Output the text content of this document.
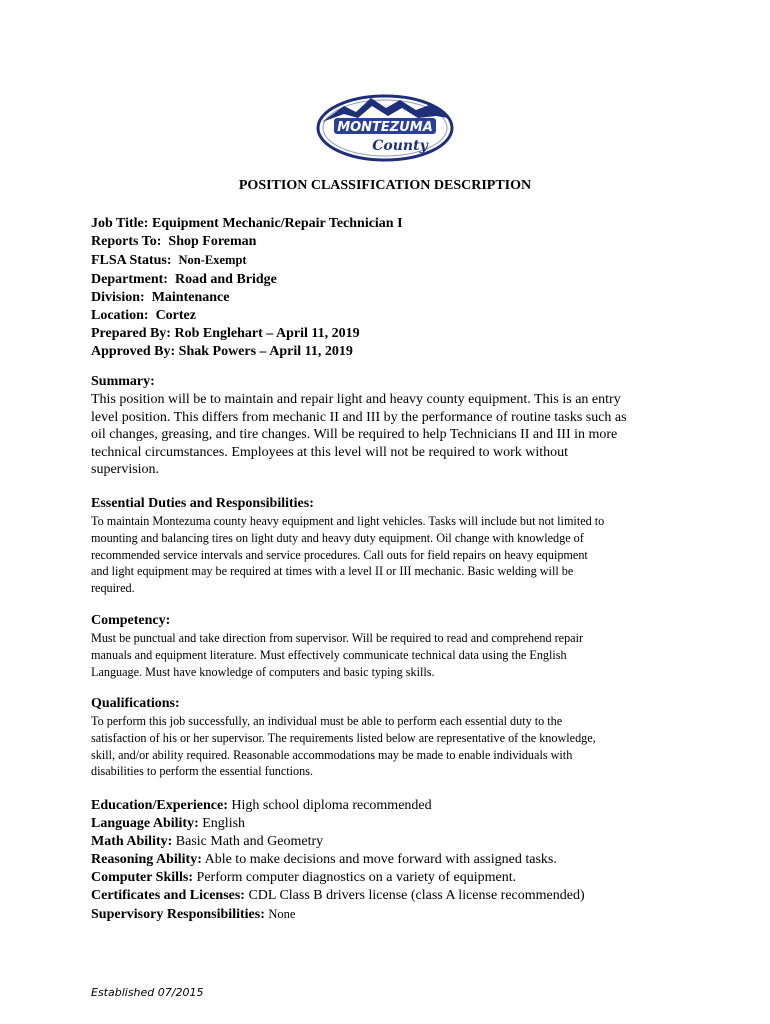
MONTEZUMA
County
POSITION CLASSIFICATION DESCRIPTION
Job Title: Equipment Mechanic/Repair Technician I
Reports To: Shop Foreman
FLSA Status: Non-Exempt
Department: Road and Bridge
Division: Maintenance
Location: Cortez
Prepared By: Rob Englehart – April 11, 2019
Approved By: Shak Powers – April 11, 2019
Summary:
This position will be to maintain and repair light and heavy county equipment. This is an entry
level position. This differs from mechanic II and III by the performance of routine tasks such as
oil changes, greasing, and tire changes. Will be required to help Technicians II and III in more
technical circumstances. Employees at this level will not be required to work without
supervision.
Essential Duties and Responsibilities:
To maintain Montezuma county heavy equipment and light vehicles. Tasks will include but not limited to
mounting and balancing tires on light duty and heavy duty equipment. Oil change with knowledge of
recommended service intervals and service procedures. Call outs for field repairs on heavy equipment
and light equipment may be required at times with a level II or III mechanic. Basic welding will be
required.
Competency:
Must be punctual and take direction from supervisor. Will be required to read and comprehend repair
manuals and equipment literature. Must effectively communicate technical data using the English
Language. Must have knowledge of computers and basic typing skills.
Qualifications:
To perform this job successfully, an individual must be able to perform each essential duty to the
satisfaction of his or her supervisor. The requirements listed below are representative of the knowledge,
skill, and/or ability required. Reasonable accommodations may be made to enable individuals with
disabilities to perform the essential functions.
Education/Experience: High school diploma recommended
Language Ability: English
Math Ability: Basic Math and Geometry
Reasoning Ability: Able to make decisions and move forward with assigned tasks.
Computer Skills: Perform computer diagnostics on a variety of equipment.
Certificates and Licenses: CDL Class B drivers license (class A license recommended)
Supervisory Responsibilities: None
Established 07/2015
